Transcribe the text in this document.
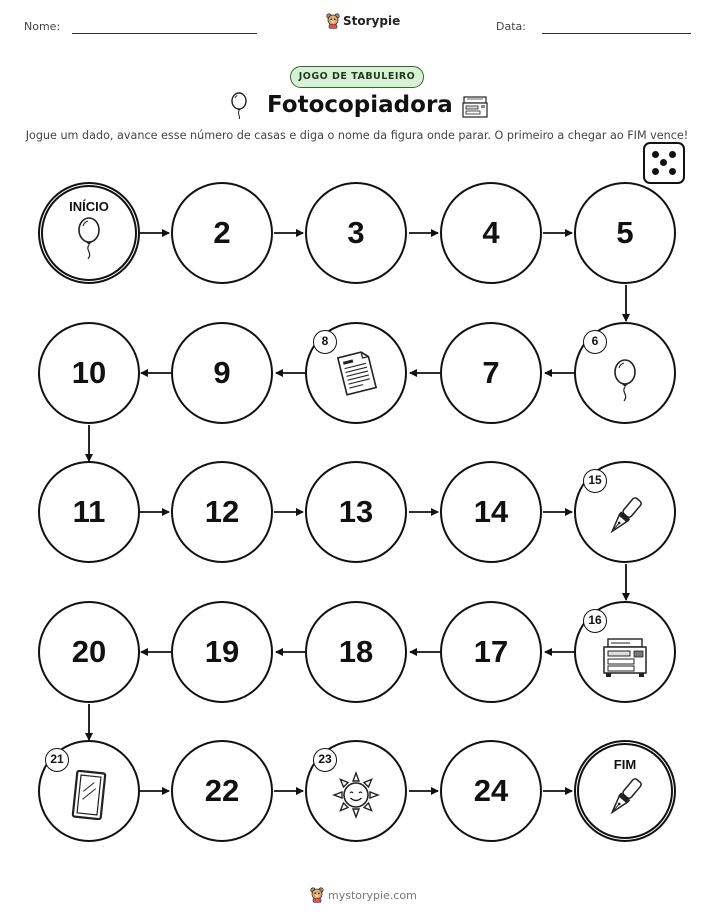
Nome:	Storypie	Data:
JOGO DE TABULEIRO
Fotocopiadora
Jogue um dado, avance esse número de casas e diga o nome da figura onde parar. O primeiro a chegar ao FIM vence!
INÍCIO
2	3	4	5
10	9
8
7
6
11	12	13	14
15
20	19	18	17
16
21
22
23
24
FIM
mystorypie.com
